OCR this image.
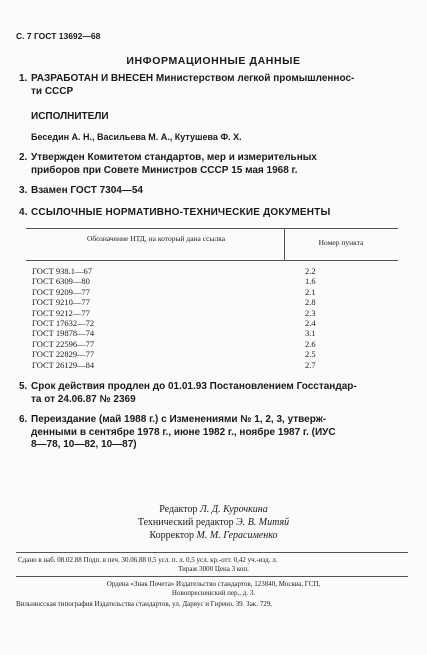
С. 7 ГОСТ 13692—68
ИНФОРМАЦИОННЫЕ ДАННЫЕ
1. РАЗРАБОТАН И ВНЕСЕН Министерством легкой промышленнос-
ти СССР
ИСПОЛНИТЕЛИ
Беседин А. Н., Васильева М. А., Кутушева Ф. Х.
2. Утвержден Комитетом стандартов, мер и измерительных
приборов при Совете Министров СССР 15 мая 1968 г.
3. Взамен ГОСТ 7304—54
4. ССЫЛОЧНЫЕ НОРМАТИВНО-ТЕХНИЧЕСКИЕ ДОКУМЕНТЫ
Обозначение НТД, на который дана ссылка	Номер пункта
ГОСТ 938.1—67	2.2
ГОСТ 6309—80	1.6
ГОСТ 9209—77	2.1
ГОСТ 9210—77	2.8
ГОСТ 9212—77	2.3
ГОСТ 17632—72	2.4
ГОСТ 19878—74	3.1
ГОСТ 22596—77	2.6
ГОСТ 22829—77	2.5
ГОСТ 26129—84	2.7
5. Срок действия продлен до 01.01.93 Постановлением Госстандар-
та от 24.06.87 № 2369
6. Переиздание (май 1988 г.) с Изменениями № 1, 2, 3, утверж-
денными в сентябре 1978 г., июне 1982 г., ноябре 1987 г. (ИУС
8—78, 10—82, 10—87)
Редактор Л. Д. Курочкина
Технический редактор Э. В. Митяй
Корректор М. М. Герасименко
Сдано в наб. 08.02.88 Подп. в печ. 30.06.88 0,5 усл. п. л. 0,5 усл. кр.-отт. 0,42 уч.-изд. л.
Тираж 3000 Цена 3 коп.
Ордена «Знак Почета» Издательство стандартов, 123840, Москва, ГСП,
Новопресненский пер., д. 3.
Вильнюсская типография Издательства стандартов, ул. Даряус и Гирено, 39. Зак. 729.
